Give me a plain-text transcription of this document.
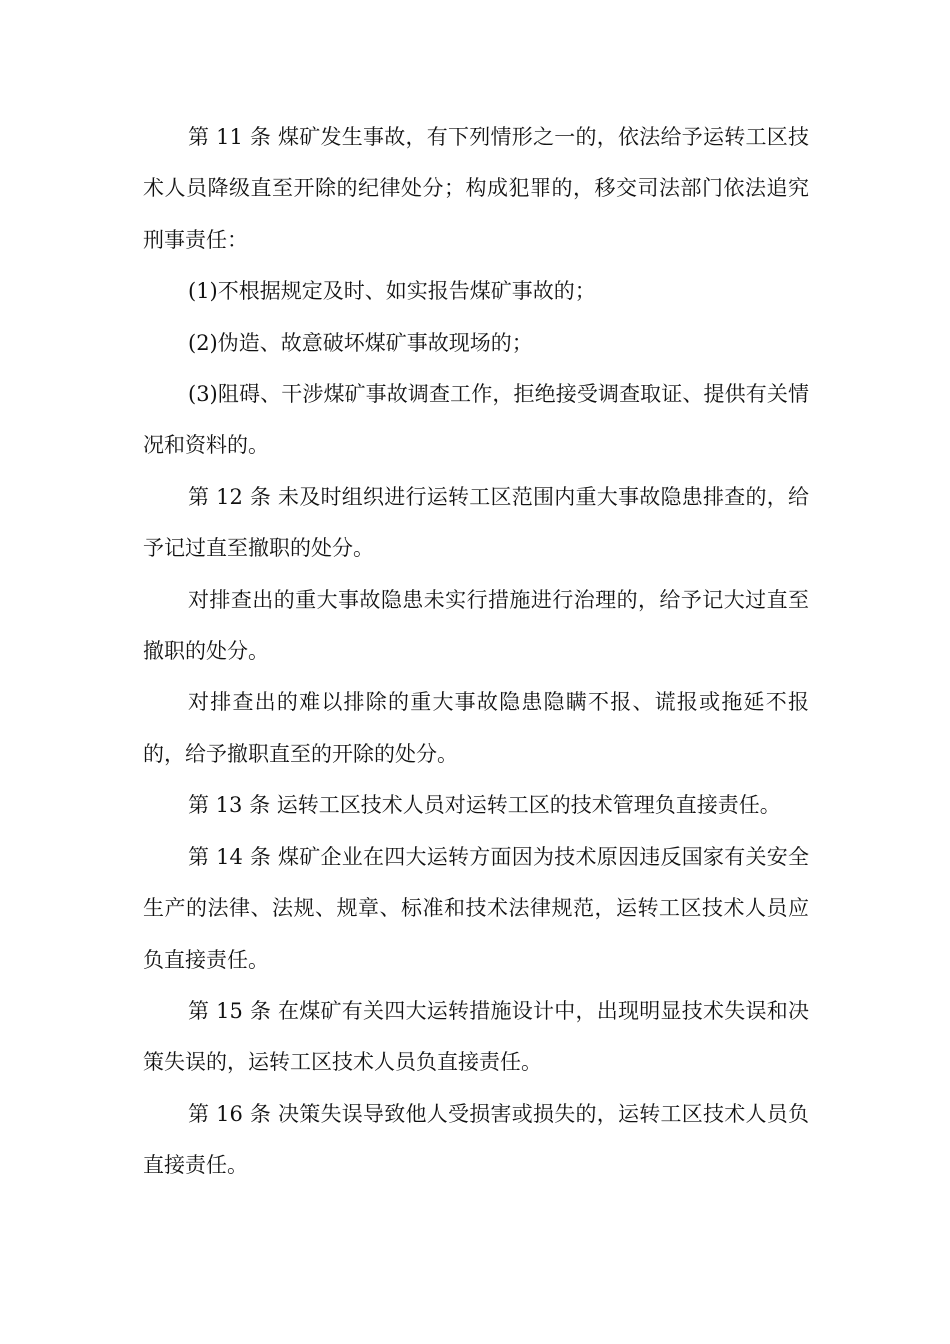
第 11 条 煤矿发生事故，有下列情形之一的，依法给予运转工区技术人员降级直至开除的纪律处分；构成犯罪的，移交司法部门依法追究刑事责任：

(1)不根据规定及时、如实报告煤矿事故的；

(2)伪造、故意破坏煤矿事故现场的；

(3)阻碍、干涉煤矿事故调查工作，拒绝接受调查取证、提供有关情况和资料的。

第 12 条 未及时组织进行运转工区范围内重大事故隐患排查的，给予记过直至撤职的处分。

对排查出的重大事故隐患未实行措施进行治理的，给予记大过直至撤职的处分。

对排查出的难以排除的重大事故隐患隐瞒不报、谎报或拖延不报的，给予撤职直至的开除的处分。

第 13 条 运转工区技术人员对运转工区的技术管理负直接责任。

第 14 条 煤矿企业在四大运转方面因为技术原因违反国家有关安全生产的法律、法规、规章、标准和技术法律规范，运转工区技术人员应负直接责任。

第 15 条 在煤矿有关四大运转措施设计中，出现明显技术失误和决策失误的，运转工区技术人员负直接责任。

第 16 条 决策失误导致他人受损害或损失的，运转工区技术人员负直接责任。
